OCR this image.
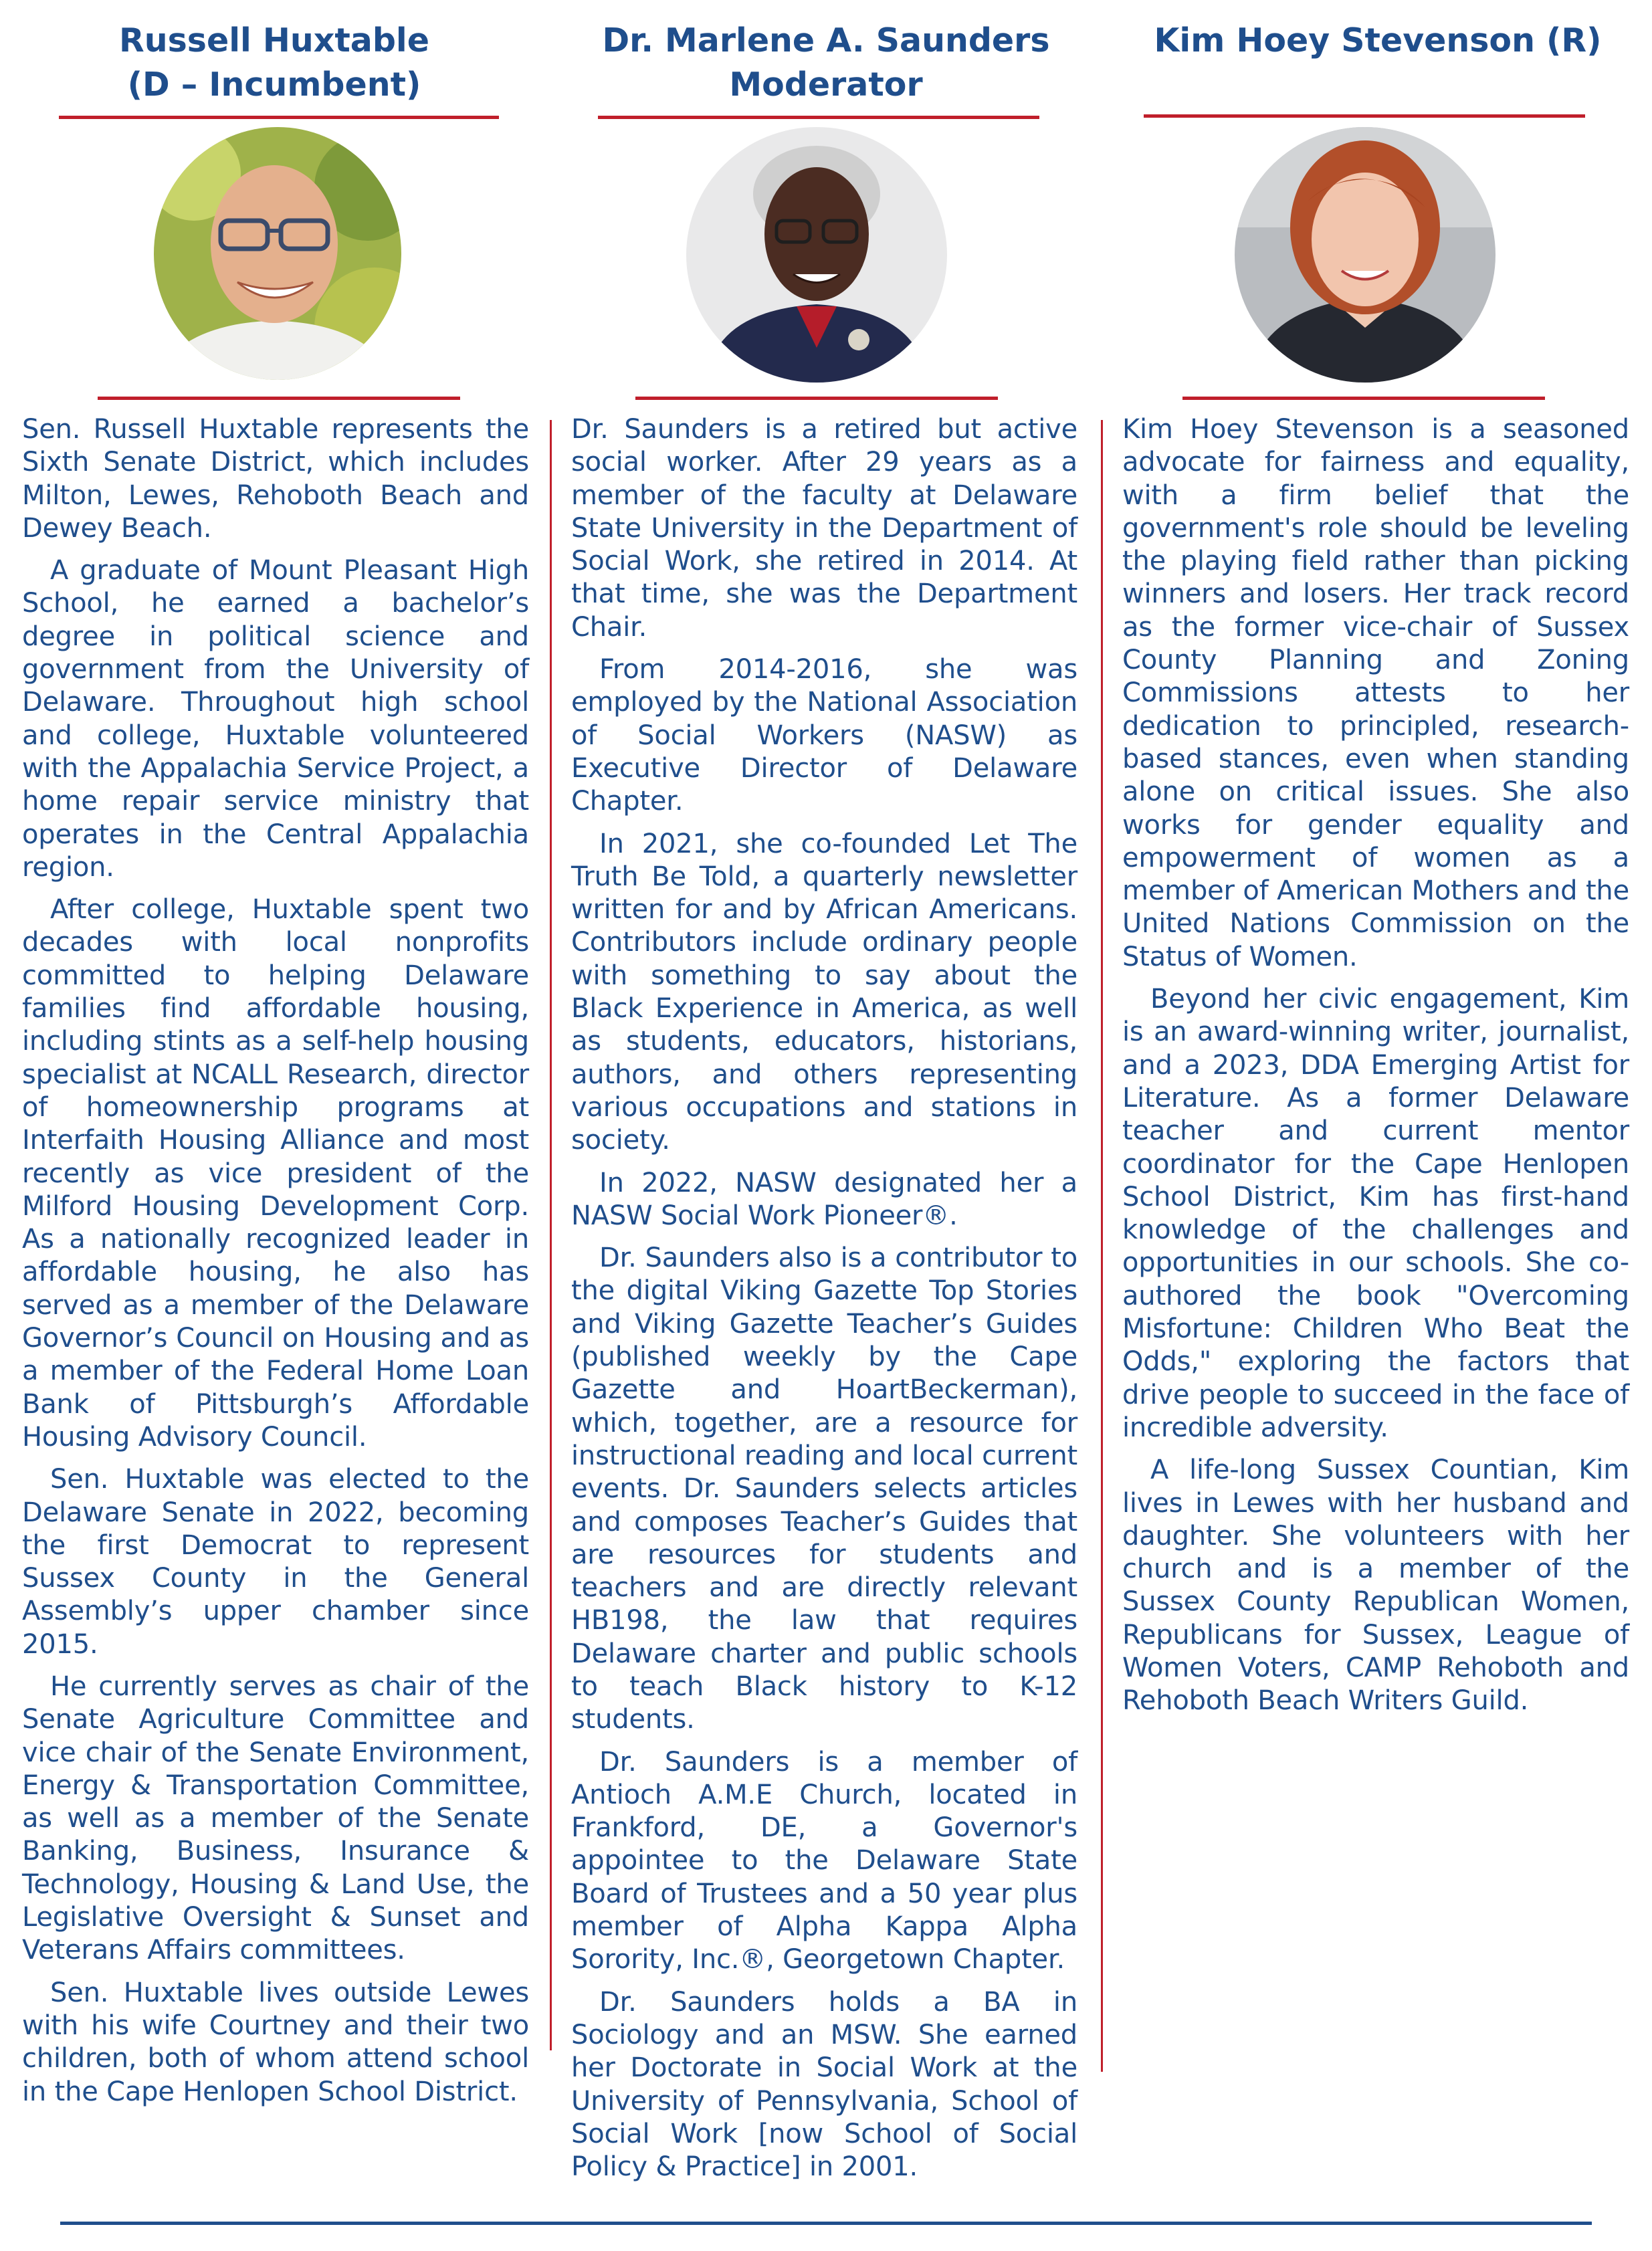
Russell Huxtable
(D – Incumbent)

Sen. Russell Huxtable represents the Sixth Senate District, which includes Milton, Lewes, Rehoboth Beach and Dewey Beach.

A graduate of Mount Pleasant High School, he earned a bachelor’s degree in political science and government from the University of Delaware. Throughout high school and college, Huxtable volunteered with the Appalachia Service Project, a home repair service ministry that operates in the Central Appalachia region.

After college, Huxtable spent two decades with local nonprofits committed to helping Delaware families find affordable housing, including stints as a self-help housing specialist at NCALL Research, director of homeownership programs at Interfaith Housing Alliance and most recently as vice president of the Milford Housing Development Corp. As a nationally recognized leader in affordable housing, he also has served as a member of the Delaware Governor’s Council on Housing and as a member of the Federal Home Loan Bank of Pittsburgh’s Affordable Housing Advisory Council.

Sen. Huxtable was elected to the Delaware Senate in 2022, becoming the first Democrat to represent Sussex County in the General Assembly’s upper chamber since 2015.

He currently serves as chair of the Senate Agriculture Committee and vice chair of the Senate Environment, Energy & Transportation Committee, as well as a member of the Senate Banking, Business, Insurance & Technology, Housing & Land Use, the Legislative Oversight & Sunset and Veterans Affairs committees.

Sen. Huxtable lives outside Lewes with his wife Courtney and their two children, both of whom attend school in the Cape Henlopen School District.

Dr. Marlene A. Saunders
Moderator

Dr. Saunders is a retired but active social worker. After 29 years as a member of the faculty at Delaware State University in the Department of Social Work, she retired in 2014. At that time, she was the Department Chair.

From 2014-2016, she was employed by the National Association of Social Workers (NASW) as Executive Director of Delaware Chapter.

In 2021, she co-founded Let The Truth Be Told, a quarterly newsletter written for and by African Americans. Contributors include ordinary people with something to say about the Black Experience in America, as well as students, educators, historians, authors, and others representing various occupations and stations in society.

In 2022, NASW designated her a NASW Social Work Pioneer®.

Dr. Saunders also is a contributor to the digital Viking Gazette Top Stories and Viking Gazette Teacher’s Guides (published weekly by the Cape Gazette and HoartBeckerman), which, together, are a resource for instructional reading and local current events. Dr. Saunders selects articles and composes Teacher’s Guides that are resources for students and teachers and are directly relevant HB198, the law that requires Delaware charter and public schools to teach Black history to K-12 students.

Dr. Saunders is a member of Antioch A.M.E Church, located in Frankford, DE, a Governor's appointee to the Delaware State Board of Trustees and a 50 year plus member of Alpha Kappa Alpha Sorority, Inc.®, Georgetown Chapter.

Dr. Saunders holds a BA in Sociology and an MSW. She earned her Doctorate in Social Work at the University of Pennsylvania, School of Social Work [now School of Social Policy & Practice] in 2001.

Kim Hoey Stevenson (R)

Kim Hoey Stevenson is a seasoned advocate for fairness and equality, with a firm belief that the government's role should be leveling the playing field rather than picking winners and losers. Her track record as the former vice-chair of Sussex County Planning and Zoning Commissions attests to her dedication to principled, research-based stances, even when standing alone on critical issues. She also works for gender equality and empowerment of women as a member of American Mothers and the United Nations Commission on the Status of Women.

Beyond her civic engagement, Kim is an award-winning writer, journalist, and a 2023, DDA Emerging Artist for Literature. As a former Delaware teacher and current mentor coordinator for the Cape Henlopen School District, Kim has first-hand knowledge of the challenges and opportunities in our schools. She co-authored the book "Overcoming Misfortune: Children Who Beat the Odds," exploring the factors that drive people to succeed in the face of incredible adversity.

A life-long Sussex Countian, Kim lives in Lewes with her husband and daughter. She volunteers with her church and is a member of the Sussex County Republican Women, Republicans for Sussex, League of Women Voters, CAMP Rehoboth and Rehoboth Beach Writers Guild.
